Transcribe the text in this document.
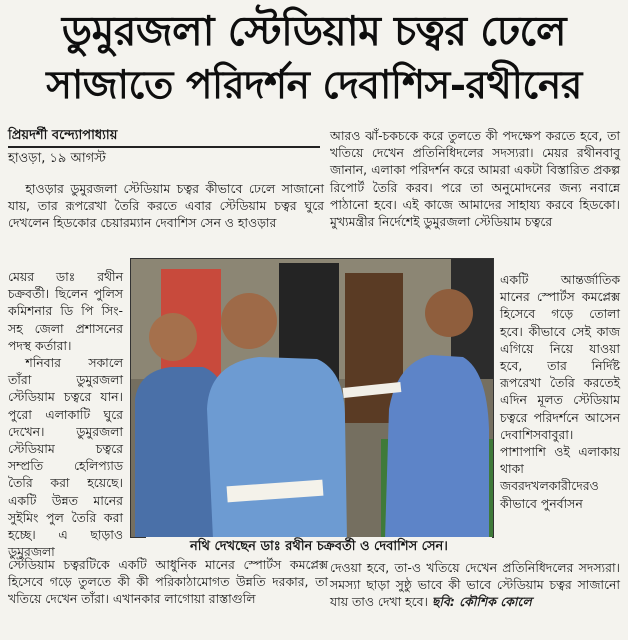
ডুমুরজলা স্টেডিয়াম চত্বর ঢেলে
সাজাতে পরিদর্শন দেবাশিস-রথীনের
প্রিয়দর্শী বন্দ্যোপাধ্যায়
হাওড়া, ১৯ আগস্ট

হাওড়ার ডুমুরজলা স্টেডিয়াম চত্বর কীভাবে ঢেলে সাজানো যায়, তার রূপরেখা তৈরি করতে এবার স্টেডিয়াম চত্বর ঘুরে দেখলেন হিডকোর চেয়ারম্যান দেবাশিস সেন ও হাওড়ার

মেয়র ডাঃ রথীন চক্রবর্তী। ছিলেন পুলিস কমিশনার ডি পি সিং-সহ জেলা প্রশাসনের পদস্থ কর্তারা।

শনিবার সকালে তাঁরা ডুমুরজলা স্টেডিয়াম চত্বরে যান। পুরো এলাকাটি ঘুরে দেখেন। ডুমুরজলা স্টেডিয়াম চত্বরে সম্প্রতি হেলিপ্যাড তৈরি করা হয়েছে। একটি উন্নত মানের সুইমিং পুল তৈরি করা হচ্ছে। এ ছাড়াও ডুমুরজলা

স্টেডিয়াম চত্বরটিকে একটি আধুনিক মানের স্পোর্টস কমপ্লেক্স হিসেবে গড়ে তুলতে কী কী পরিকাঠামোগত উন্নতি দরকার, তা খতিয়ে দেখেন তাঁরা। এখানকার লাগোয়া রাস্তাগুলি

আরও ঝাঁ-চকচকে করে তুলতে কী পদক্ষেপ করতে হবে, তা খতিয়ে দেখেন প্রতিনিধিদলের সদস্যরা। মেয়র রথীনবাবু জানান, এলাকা পরিদর্শন করে আমরা একটা বিস্তারিত প্রকল্প রিপোর্ট তৈরি করব। পরে তা অনুমোদনের জন্য নবান্নে পাঠানো হবে। এই কাজে আমাদের সাহায্য করবে হিডকো। মুখ্যমন্ত্রীর নির্দেশেই ডুমুরজলা স্টেডিয়াম চত্বরে

একটি আন্তর্জাতিক মানের স্পোর্টস কমপ্লেক্স হিসেবে গড়ে তোলা হবে। কীভাবে সেই কাজ এগিয়ে নিয়ে যাওয়া হবে, তার নির্দিষ্ট রূপরেখা তৈরি করতেই এদিন মূলত স্টেডিয়াম চত্বরে পরিদর্শনে আসেন দেবাশিসবাবুরা। পাশাপাশি ওই এলাকায় থাকা জবরদখলকারীদেরও কীভাবে পুনর্বাসন

দেওয়া হবে, তা-ও খতিয়ে দেখেন প্রতিনিধিদলের সদস্যরা। সমস্যা ছাড়া সুষ্ঠু ভাবে কী ভাবে স্টেডিয়াম চত্বর সাজানো যায় তাও দেখা হবে। ছবি: কৌশিক কোলে

নথি দেখছেন ডাঃ রথীন চক্রবর্তী ও দেবাশিস সেন।
